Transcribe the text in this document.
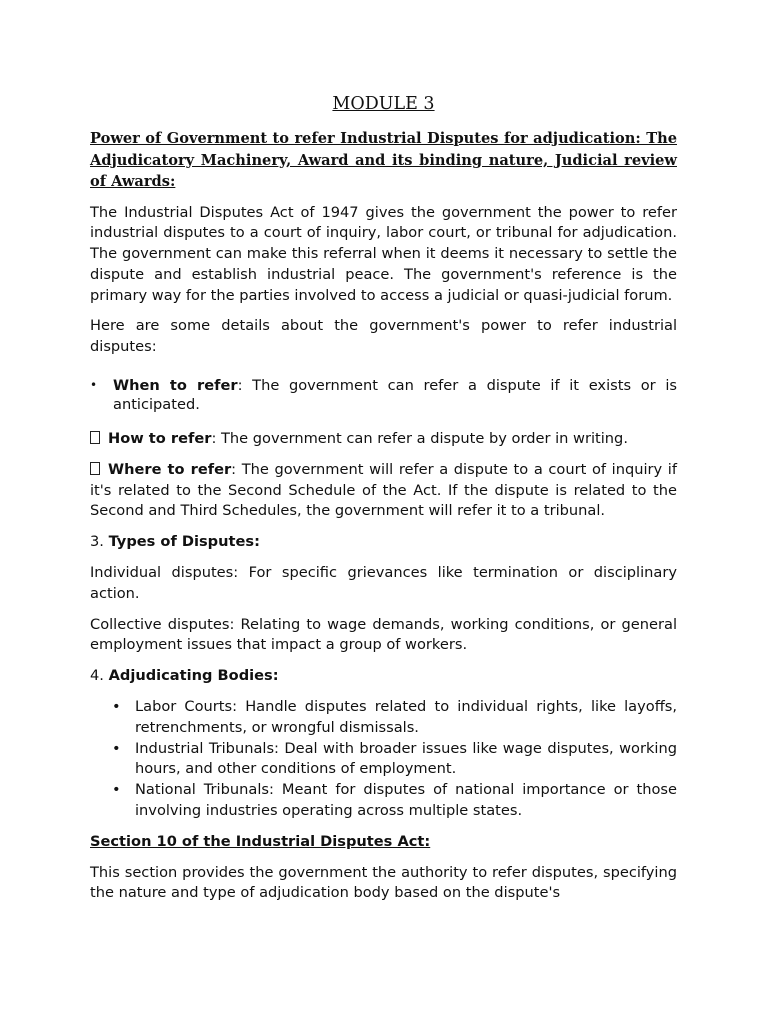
MODULE 3
Power of Government to refer Industrial Disputes for adjudication: The Adjudicatory Machinery, Award and its binding nature, Judicial review of Awards:

The Industrial Disputes Act of 1947 gives the government the power to refer industrial disputes to a court of inquiry, labor court, or tribunal for adjudication. The government can make this referral when it deems it necessary to settle the dispute and establish industrial peace. The government's reference is the primary way for the parties involved to access a judicial or quasi-judicial forum.

Here are some details about the government's power to refer industrial disputes:

• When to refer: The government can refer a dispute if it exists or is anticipated.

How to refer: The government can refer a dispute by order in writing.

Where to refer: The government will refer a dispute to a court of inquiry if it's related to the Second Schedule of the Act. If the dispute is related to the Second and Third Schedules, the government will refer it to a tribunal.

3. Types of Disputes:

Individual disputes: For specific grievances like termination or disciplinary action.

Collective disputes: Relating to wage demands, working conditions, or general employment issues that impact a group of workers.

4. Adjudicating Bodies:

• Labor Courts: Handle disputes related to individual rights, like layoffs, retrenchments, or wrongful dismissals.
• Industrial Tribunals: Deal with broader issues like wage disputes, working hours, and other conditions of employment.
• National Tribunals: Meant for disputes of national importance or those involving industries operating across multiple states.

Section 10 of the Industrial Disputes Act:

This section provides the government the authority to refer disputes, specifying the nature and type of adjudication body based on the dispute's
